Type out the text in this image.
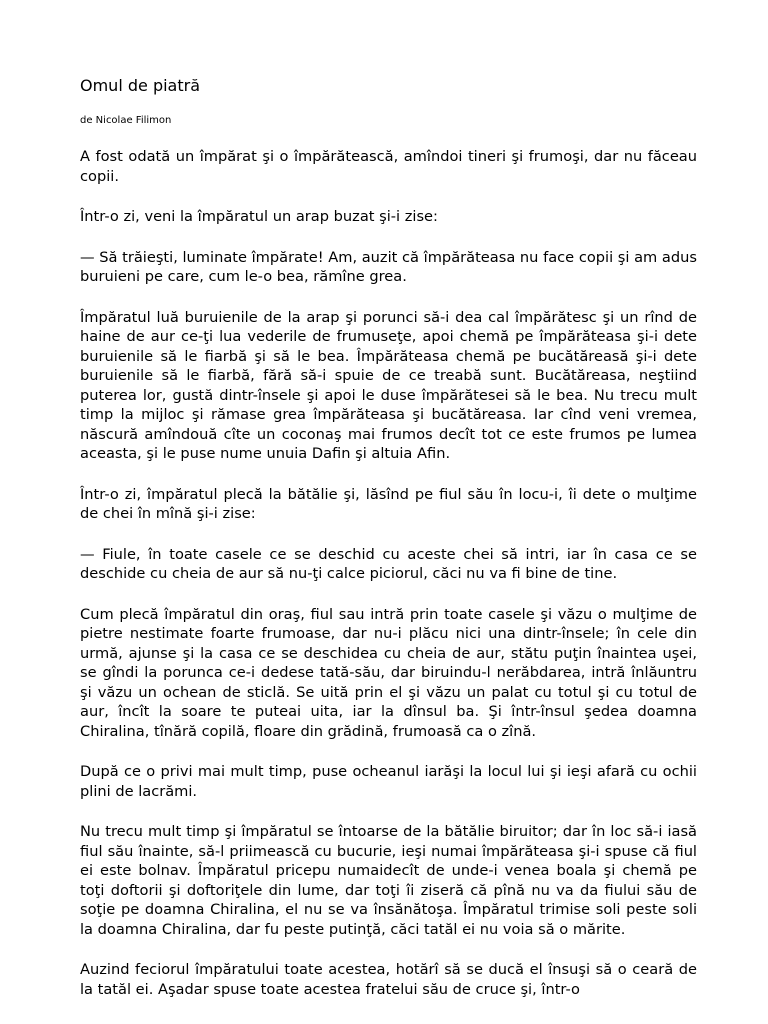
Omul de piatră

de Nicolae Filimon

A fost odată un împărat şi o împărătească, amîndoi tineri şi frumoşi, dar nu făceau copii.

Într-o zi, veni la împăratul un arap buzat şi-i zise:

— Să trăieşti, luminate împărate! Am, auzit că împărăteasa nu face copii şi am adus buruieni pe care, cum le-o bea, rămîne grea.

Împăratul luă buruienile de la arap şi porunci să-i dea cal împărătesc şi un rînd de haine de aur ce-ţi lua vederile de frumuseţe, apoi chemă pe împărăteasa şi-i dete buruienile să le fiarbă şi să le bea. Împărăteasa chemă pe bucătăreasă şi-i dete buruienile să le fiarbă, fără să-i spuie de ce treabă sunt. Bucătăreasa, neştiind puterea lor, gustă dintr-însele şi apoi le duse împărătesei să le bea. Nu trecu mult timp la mijloc şi rămase grea împărăteasa şi bucătăreasa. Iar cînd veni vremea, născură amîndouă cîte un coconaş mai frumos decît tot ce este frumos pe lumea aceasta, şi le puse nume unuia Dafin şi altuia Afin.

Într-o zi, împăratul plecă la bătălie şi, lăsînd pe fiul său în locu-i, îi dete o mulţime de chei în mînă şi-i zise:

— Fiule, în toate casele ce se deschid cu aceste chei să intri, iar în casa ce se deschide cu cheia de aur să nu-ţi calce piciorul, căci nu va fi bine de tine.

Cum plecă împăratul din oraş, fiul sau intră prin toate casele şi văzu o mulţime de pietre nestimate foarte frumoase, dar nu-i plăcu nici una dintr-însele; în cele din urmă, ajunse şi la casa ce se deschidea cu cheia de aur, stătu puţin înaintea uşei, se gîndi la porunca ce-i dedese tată-său, dar biruindu-l nerăbdarea, intră înlăuntru şi văzu un ochean de sticlă. Se uită prin el şi văzu un palat cu totul şi cu totul de aur, încît la soare te puteai uita, iar la dînsul ba. Şi într-însul şedea doamna Chiralina, tînără copilă, floare din grădină, frumoasă ca o zînă.

După ce o privi mai mult timp, puse ocheanul iarăşi la locul lui şi ieşi afară cu ochii plini de lacrămi.

Nu trecu mult timp şi împăratul se întoarse de la bătălie biruitor; dar în loc să-i iasă fiul său înainte, să-l priimească cu bucurie, ieşi numai împărăteasa şi-i spuse că fiul ei este bolnav. Împăratul pricepu numaidecît de unde-i venea boala şi chemă pe toţi doftorii şi doftoriţele din lume, dar toţi îi ziseră că pînă nu va da fiului său de soţie pe doamna Chiralina, el nu se va însănătoşa. Împăratul trimise soli peste soli la doamna Chiralina, dar fu peste putinţă, căci tatăl ei nu voia să o mărite.

Auzind feciorul împăratului toate acestea, hotărî să se ducă el însuşi să o ceară de la tatăl ei. Aşadar spuse toate acestea fratelui său de cruce şi, într-o
